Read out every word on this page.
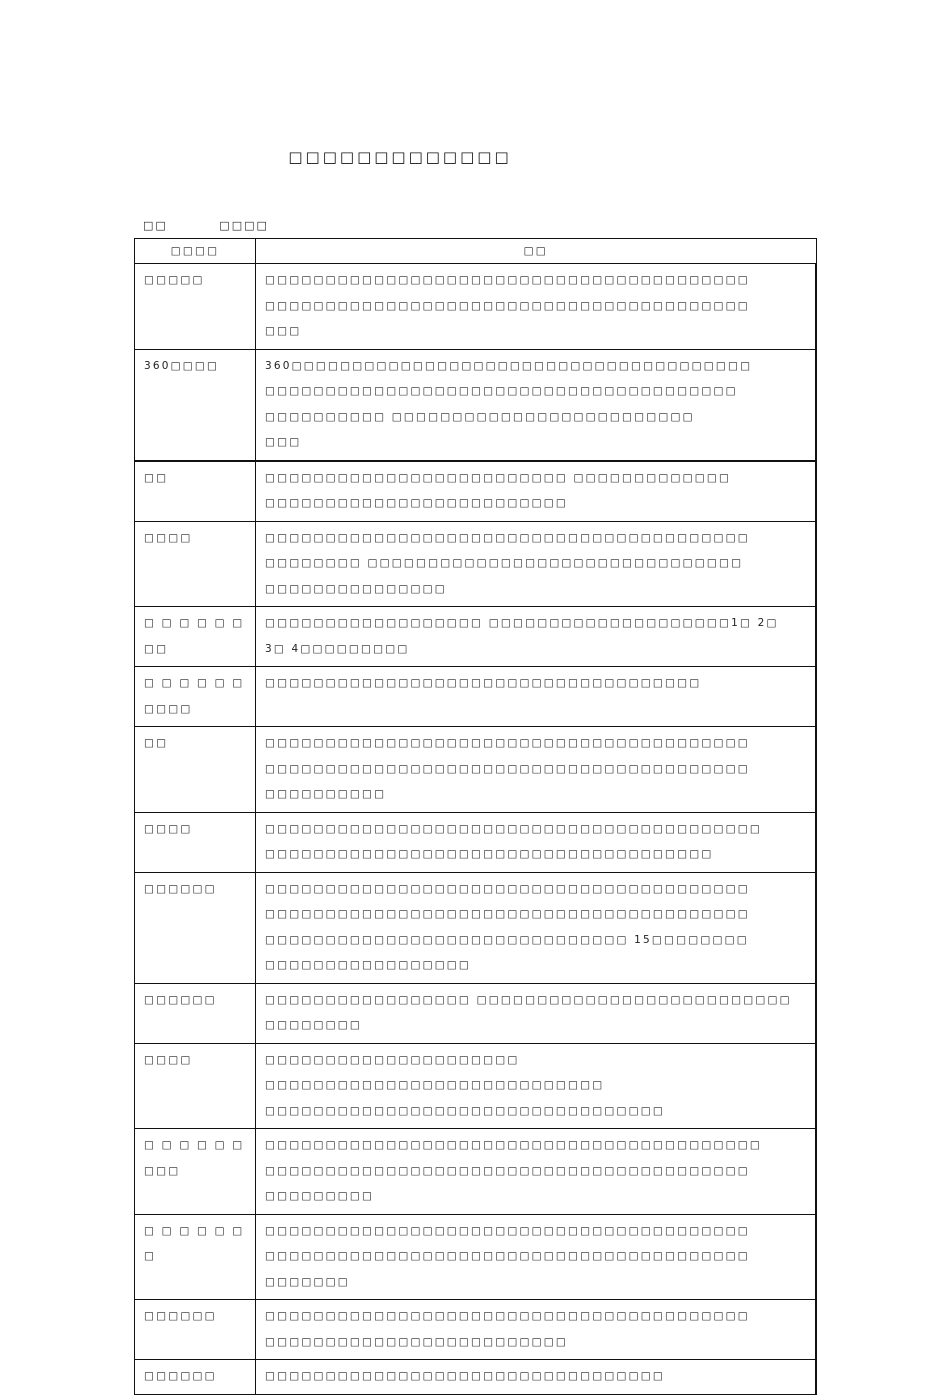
□□□□□□□□□□□□□
□□	□□□□
□□□□	□□
□□□□□	□□□□□□□□□□□□□□□□□□□□□□□□□□□□□□□□□□□□□□□□
□□□□□□□□□□□□□□□□□□□□□□□□□□□□□□□□□□□□□□□□
□□□

360□□□□	360□□□□□□□□□□□□□□□□□□□□□□□□□□□□□□□□□□□□□□
□□□□□□□□□□□□□□□□□□□□□□□□□□□□□□□□□□□□□□□
□□□□□□□□□□ □□□□□□□□□□□□□□□□□□□□□□□□□
□□□

□□	□□□□□□□□□□□□□□□□□□□□□□□□□ □□□□□□□□□□□□□
□□□□□□□□□□□□□□□□□□□□□□□□□

□□□□	□□□□□□□□□□□□□□□□□□□□□□□□□□□□□□□□□□□□□□□□
□□□□□□□□ □□□□□□□□□□□□□□□□□□□□□□□□□□□□□□□
□□□□□□□□□□□□□□□

□ □ □ □ □ □ □□	□□□□□□□□□□□□□□□□□□ □□□□□□□□□□□□□□□□□□□□1□ 2□
3□ 4□□□□□□□□□

□ □ □ □ □ □ □□□□	□□□□□□□□□□□□□□□□□□□□□□□□□□□□□□□□□□□□

□□	□□□□□□□□□□□□□□□□□□□□□□□□□□□□□□□□□□□□□□□□
□□□□□□□□□□□□□□□□□□□□□□□□□□□□□□□□□□□□□□□□
□□□□□□□□□□

□□□□	□□□□□□□□□□□□□□□□□□□□□□□□□□□□□□□□□□□□□□□□□
□□□□□□□□□□□□□□□□□□□□□□□□□□□□□□□□□□□□□

□□□□□□	□□□□□□□□□□□□□□□□□□□□□□□□□□□□□□□□□□□□□□□□
□□□□□□□□□□□□□□□□□□□□□□□□□□□□□□□□□□□□□□□□
□□□□□□□□□□□□□□□□□□□□□□□□□□□□□□ 15□□□□□□□□
□□□□□□□□□□□□□□□□□

□□□□□□	□□□□□□□□□□□□□□□□□ □□□□□□□□□□□□□□□□□□□□□□□□□□
□□□□□□□□

□□□□	□□□□□□□□□□□□□□□□□□□□□ □□□□□□□□□□□□□□□□□□□□□□□□□□□□
□□□□□□□□□□□□□□□□□□□□□□□□□□□□□□□□□

□ □ □ □ □ □ □□□	□□□□□□□□□□□□□□□□□□□□□□□□□□□□□□□□□□□□□□□□□
□□□□□□□□□□□□□□□□□□□□□□□□□□□□□□□□□□□□□□□□
□□□□□□□□□

□ □ □ □ □ □ □	□□□□□□□□□□□□□□□□□□□□□□□□□□□□□□□□□□□□□□□□
□□□□□□□□□□□□□□□□□□□□□□□□□□□□□□□□□□□□□□□□
□□□□□□□

□□□□□□	□□□□□□□□□□□□□□□□□□□□□□□□□□□□□□□□□□□□□□□□
□□□□□□□□□□□□□□□□□□□□□□□□□

□□□□□□	□□□□□□□□□□□□□□□□□□□□□□□□□□□□□□□□□
